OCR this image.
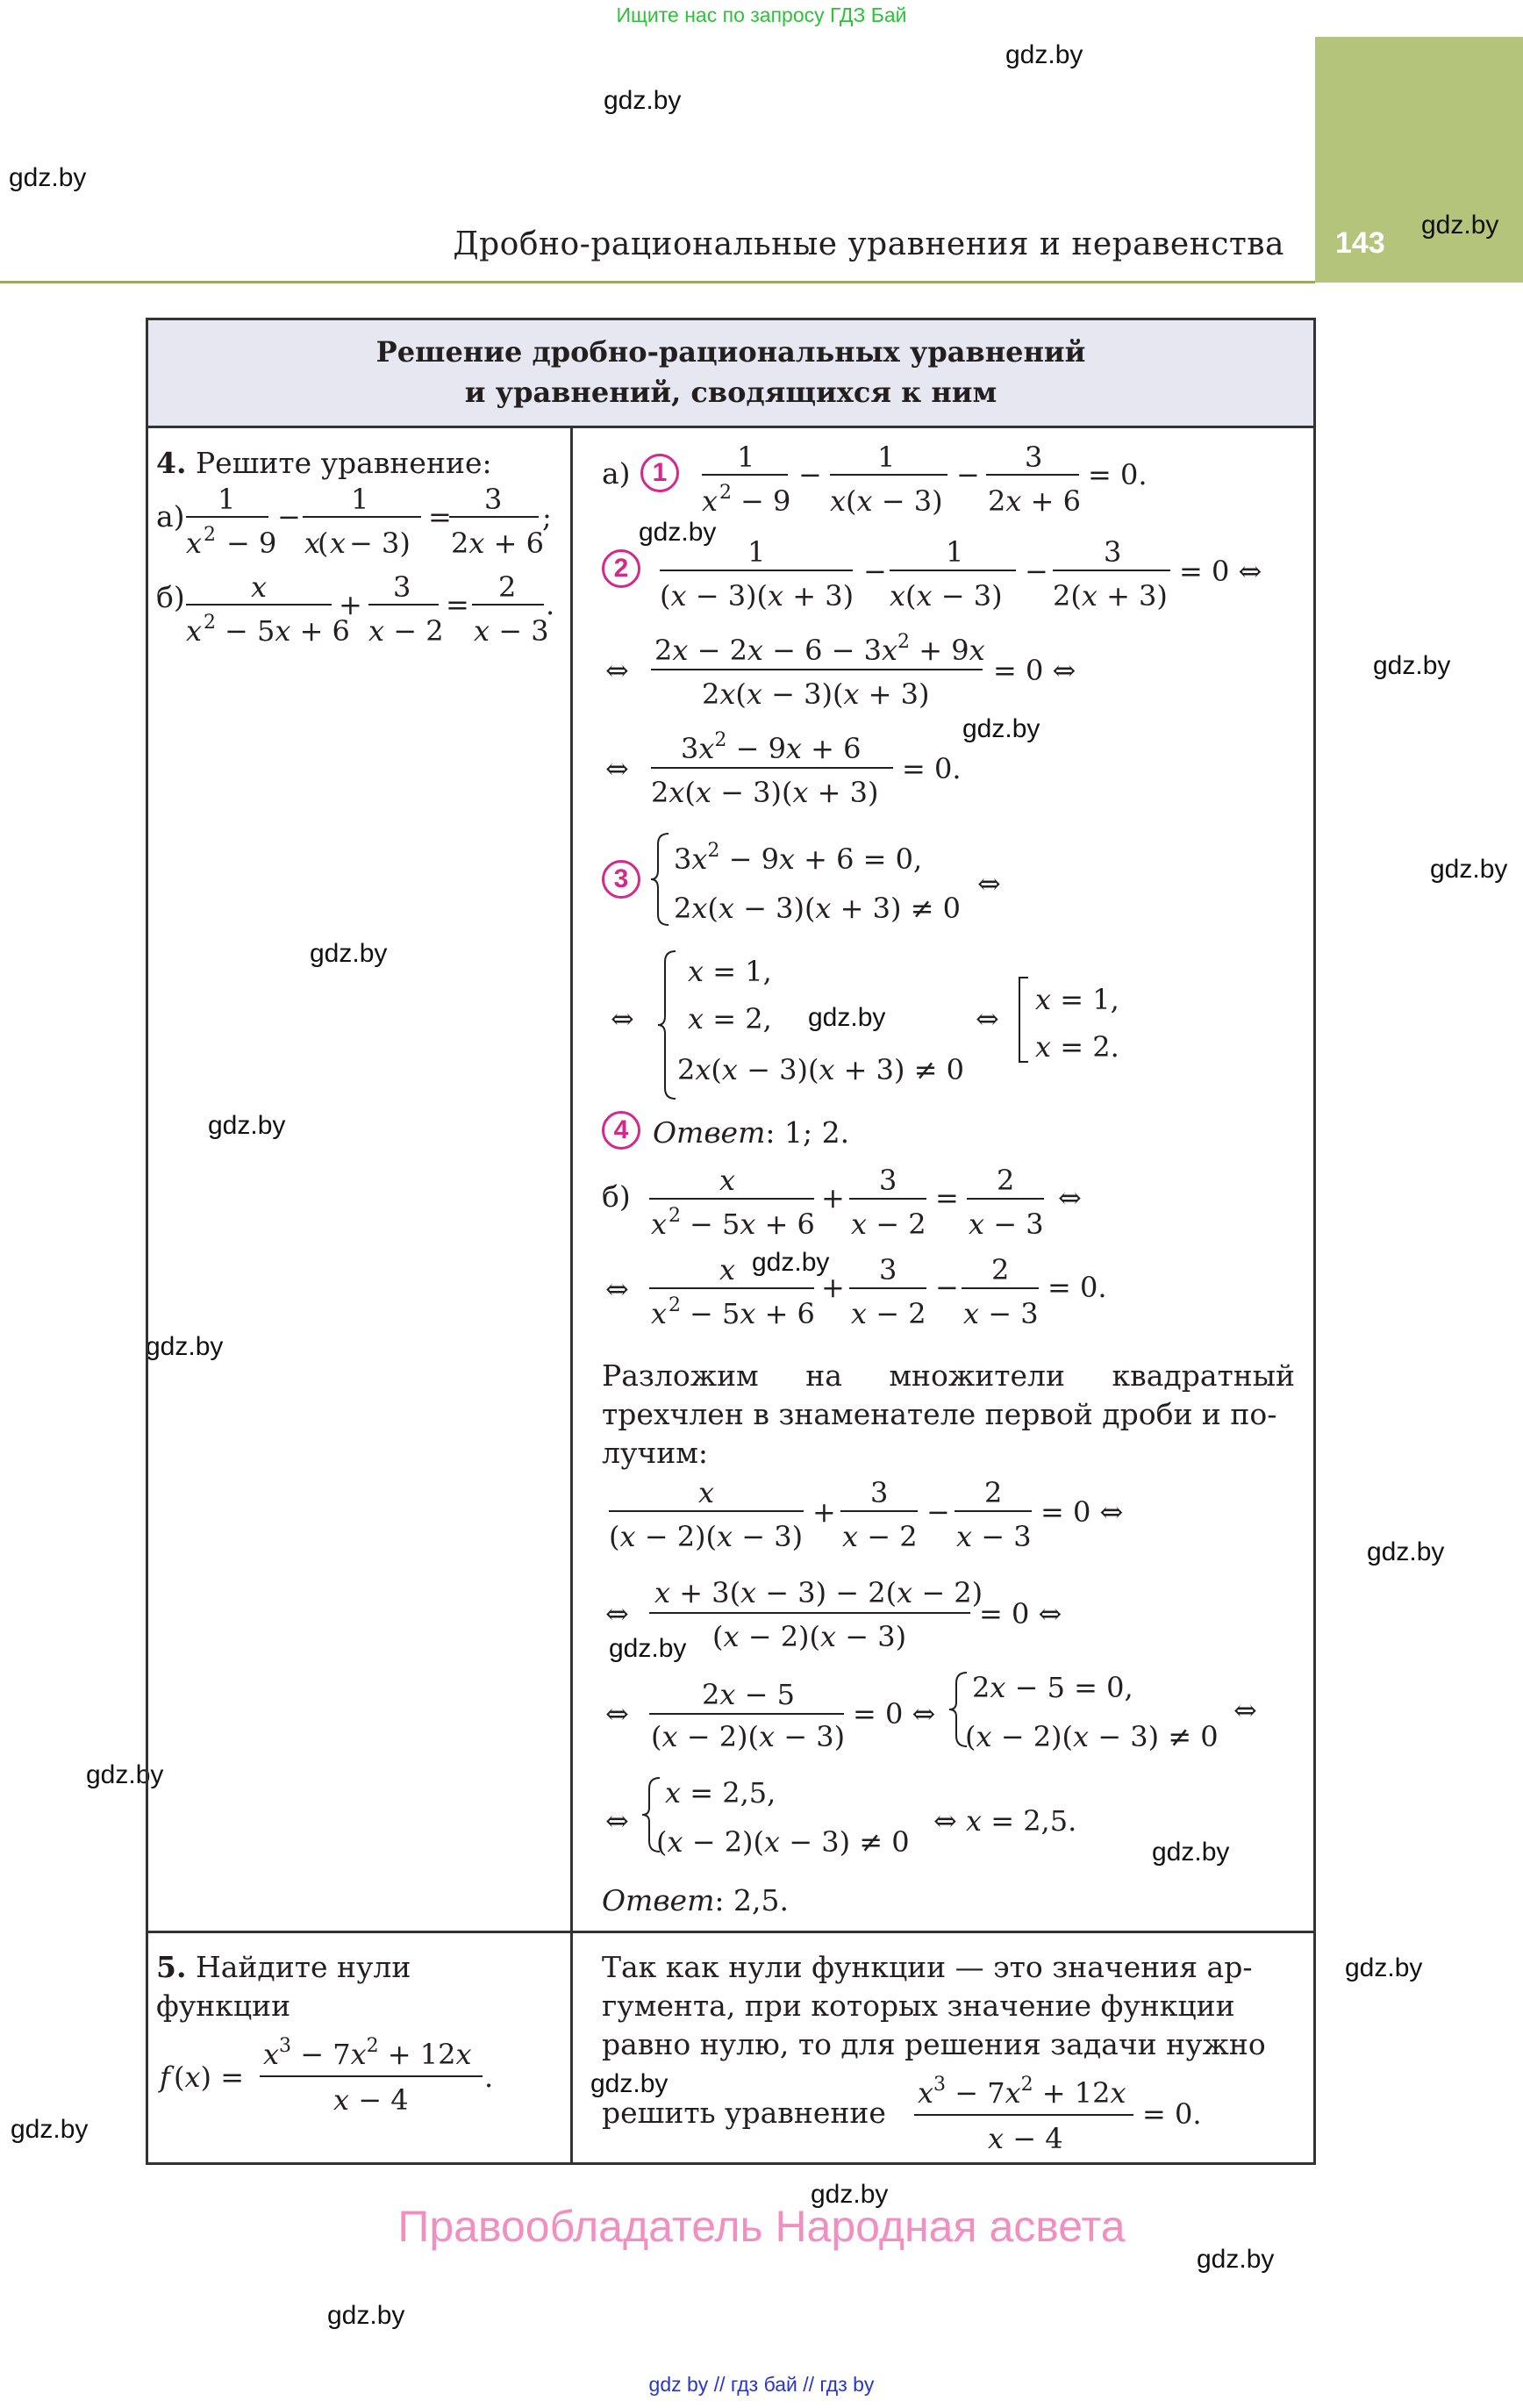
Ищите нас по запросу ГДЗ Бай
143
Дробно-рациональные уравнения и неравенства
gdz.by
gdz.by
gdz.by
gdz.by
gdz.by
gdz.by
gdz.by
gdz.by
gdz.by
gdz.by
gdz.by
gdz.by
gdz.by
gdz.by
gdz.by
gdz.by
gdz.by
gdz.by
gdz.by
gdz.by
gdz.by
gdz.by
gdz.by
Решение дробно-рациональных уравнений
и уравнений, сводящихся к ним
4. Решите уравнение:
а)
б)
а) 1
2
3
4 Ответ: 1; 2.
б)
Разложим на множители квадратный
трехчлен в знаменателе первой дроби и по-
лучим:
Ответ: 2,5.
5. Найдите нули
функции
Так как нули функции — это значения ар-
гумента, при которых значение функции
равно нулю, то для решения задачи нужно
решить уравнение
1
x 2 − 9
−
1
x
( x − 3)
=
3
2x + 6
;
x
x 2 − 5x + 6
+
3
x − 2
=
2
x − 3
.
1
x 2 − 9
−
1
x(x − 3)
−
3
2x + 6
= 0.
1
(x − 3)(x + 3)
−
1
x(x − 3)
−
3
2(x + 3)
= 0 ⇔
⇔
$2x - 2x - 6 - 3x^2 + 9x$
2x(x − 3)(x + 3)
= 0 ⇔
⇔
$3x^2 - 9x + 6$
2x(x − 3)(x + 3)
= 0.
$3x^2 - 9x + 6 = 0$,
2x(x − 3)(x + 3) ≠ 0
⇔
⇔
x = 1,
x = 2,
2x(x − 3)(x + 3) ≠ 0
⇔
x = 1,
x = 2.
x
x 2 − 5x + 6
+
3
x − 2
=
2
x − 3
⇔
⇔
x
x 2 − 5x + 6
+
3
x − 2
−
2
x − 3
= 0.
x
(x − 2)(x − 3)
+
3
x − 2
−
2
x − 3
= 0 ⇔
⇔
x + 3(x − 3) − 2(x − 2)
(x − 2)(x − 3)
= 0 ⇔
⇔
2x − 5
(x − 2)(x − 3)
= 0 ⇔
2x − 5 = 0,
(x − 2)(x − 3) ≠ 0
⇔
⇔
x = 2,5,
(x − 2)(x − 3) ≠ 0
⇔ x = 2,5.
f (x) =
$x^3 - 7x^2 + 12x$
x − 4
.	$x^3 - 7x^2 + 12x$
x − 4
= 0.
Правообладатель Народная асвета
gdz by // гдз бай // гдз by
